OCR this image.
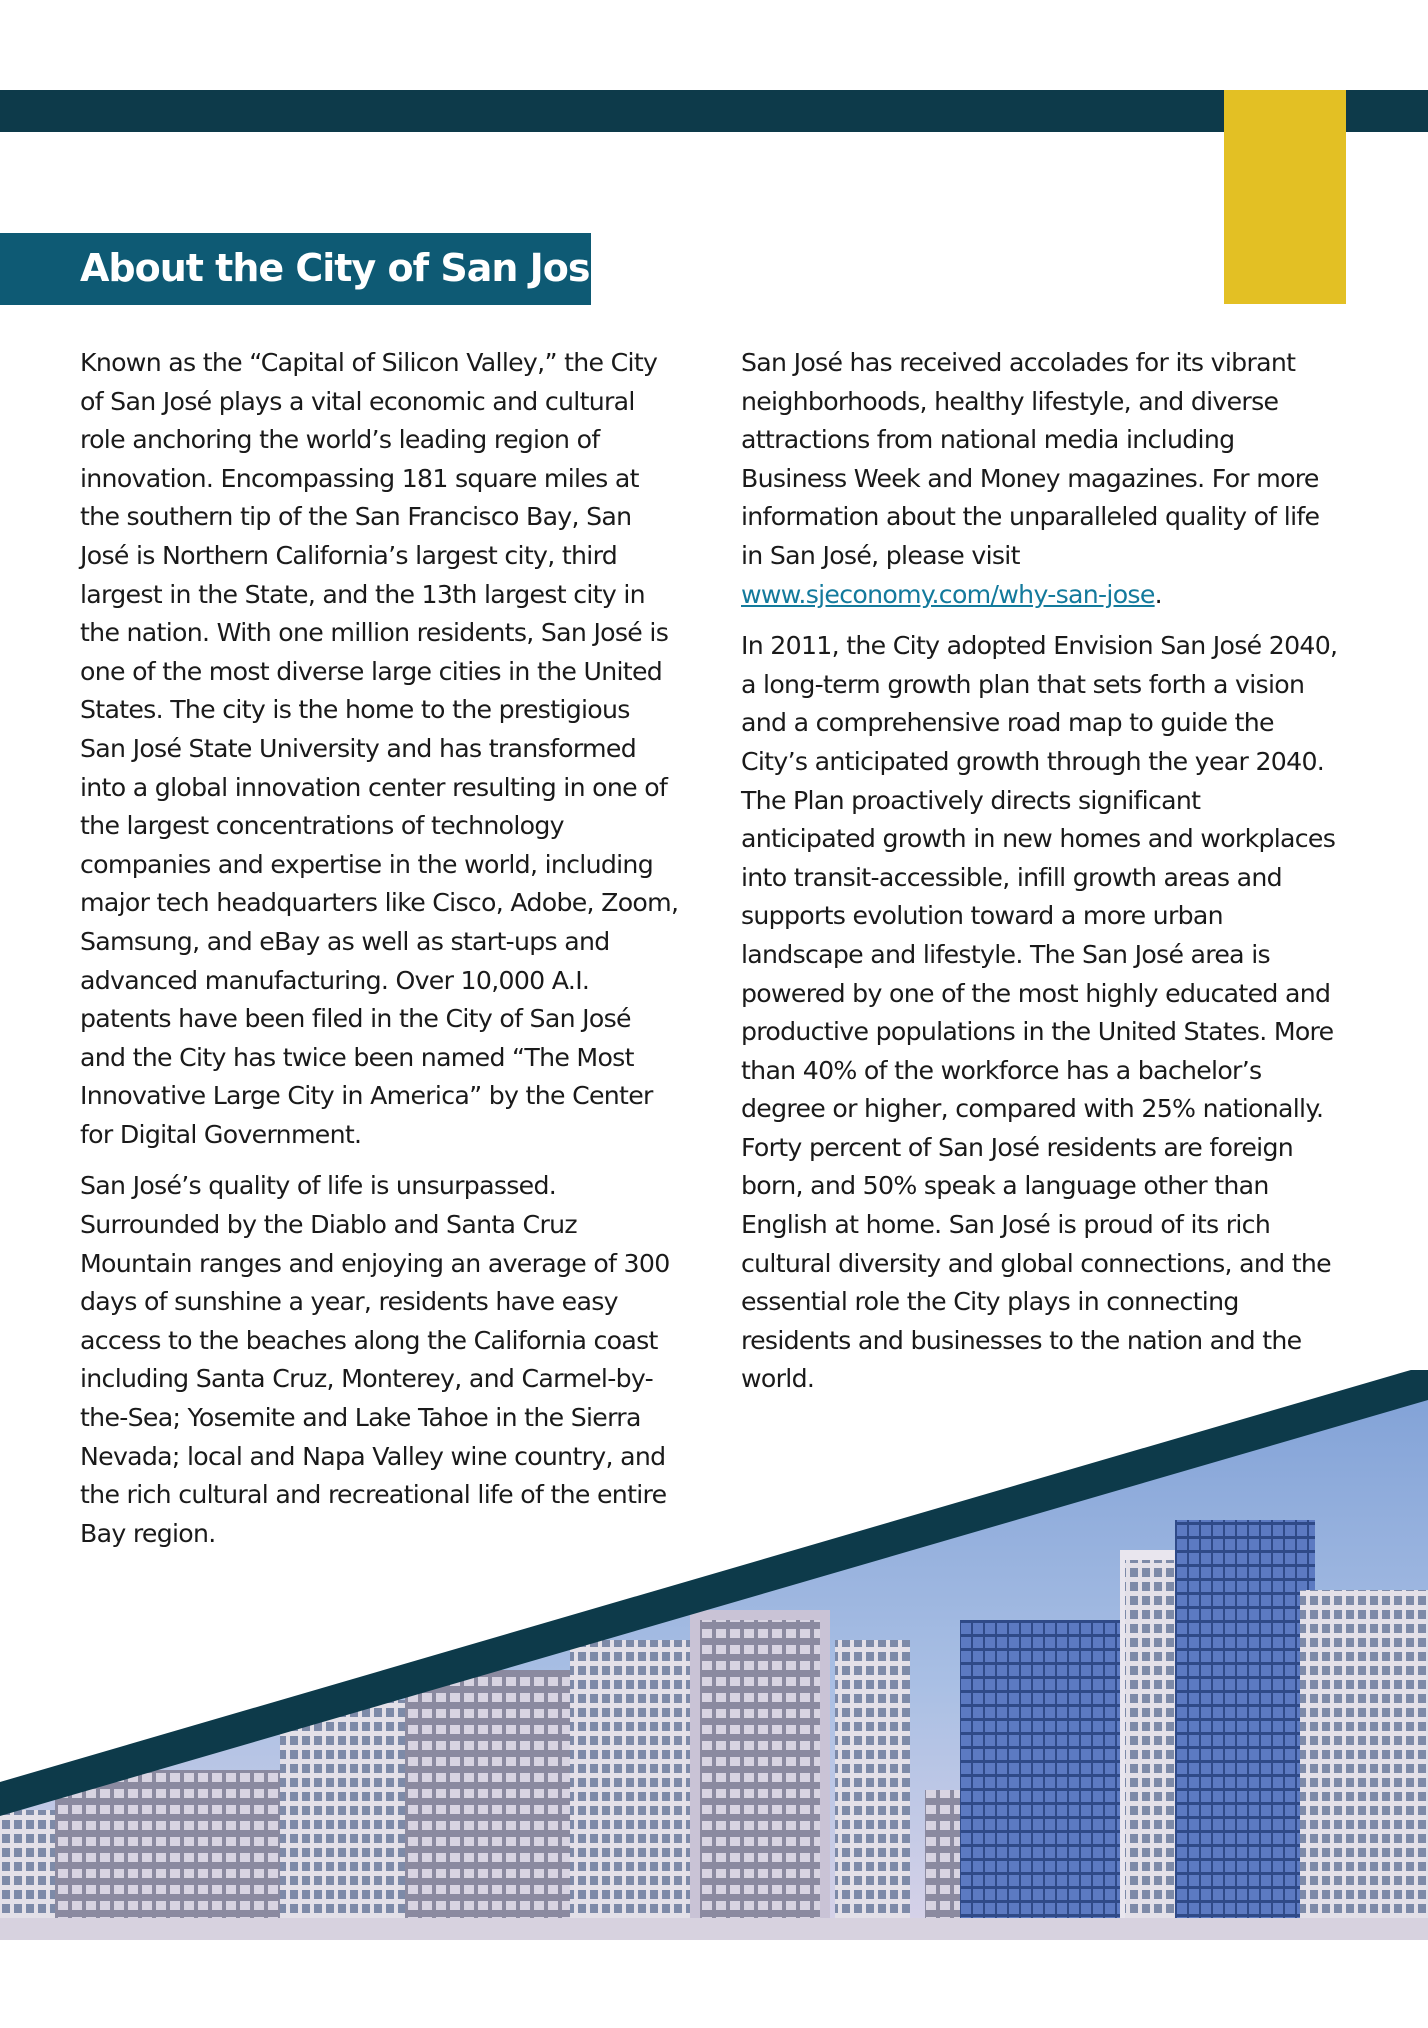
About the City of San José

Known as the “Capital of Silicon Valley,” the City of San José plays a vital economic and cultural role anchoring the world’s leading region of innovation. Encompassing 181 square miles at the southern tip of the San Francisco Bay, San José is Northern California’s largest city, third largest in the State, and the 13th largest city in the nation. With one million residents, San José is one of the most diverse large cities in the United States. The city is the home to the prestigious San José State University and has transformed into a global innovation center resulting in one of the largest concentrations of technology companies and expertise in the world, including major tech headquarters like Cisco, Adobe, Zoom, Samsung, and eBay as well as start-ups and advanced manufacturing. Over 10,000 A.I. patents have been filed in the City of San José and the City has twice been named “The Most Innovative Large City in America” by the Center for Digital Government.

San José’s quality of life is unsurpassed. Surrounded by the Diablo and Santa Cruz Mountain ranges and enjoying an average of 300 days of sunshine a year, residents have easy access to the beaches along the California coast including Santa Cruz, Monterey, and Carmel-by-the-Sea; Yosemite and Lake Tahoe in the Sierra Nevada; local and Napa Valley wine country, and the rich cultural and recreational life of the entire Bay region.

San José has received accolades for its vibrant neighborhoods, healthy lifestyle, and diverse attractions from national media including Business Week and Money magazines. For more information about the unparalleled quality of life in San José, please visit www.sjeconomy.com/why-san-jose.

In 2011, the City adopted Envision San José 2040, a long-term growth plan that sets forth a vision and a comprehensive road map to guide the City’s anticipated growth through the year 2040. The Plan proactively directs significant anticipated growth in new homes and workplaces into transit-accessible, infill growth areas and supports evolution toward a more urban landscape and lifestyle. The San José area is powered by one of the most highly educated and productive populations in the United States. More than 40% of the workforce has a bachelor’s degree or higher, compared with 25% nationally. Forty percent of San José residents are foreign born, and 50% speak a language other than English at home. San José is proud of its rich cultural diversity and global connections, and the essential role the City plays in connecting residents and businesses to the nation and the world.
